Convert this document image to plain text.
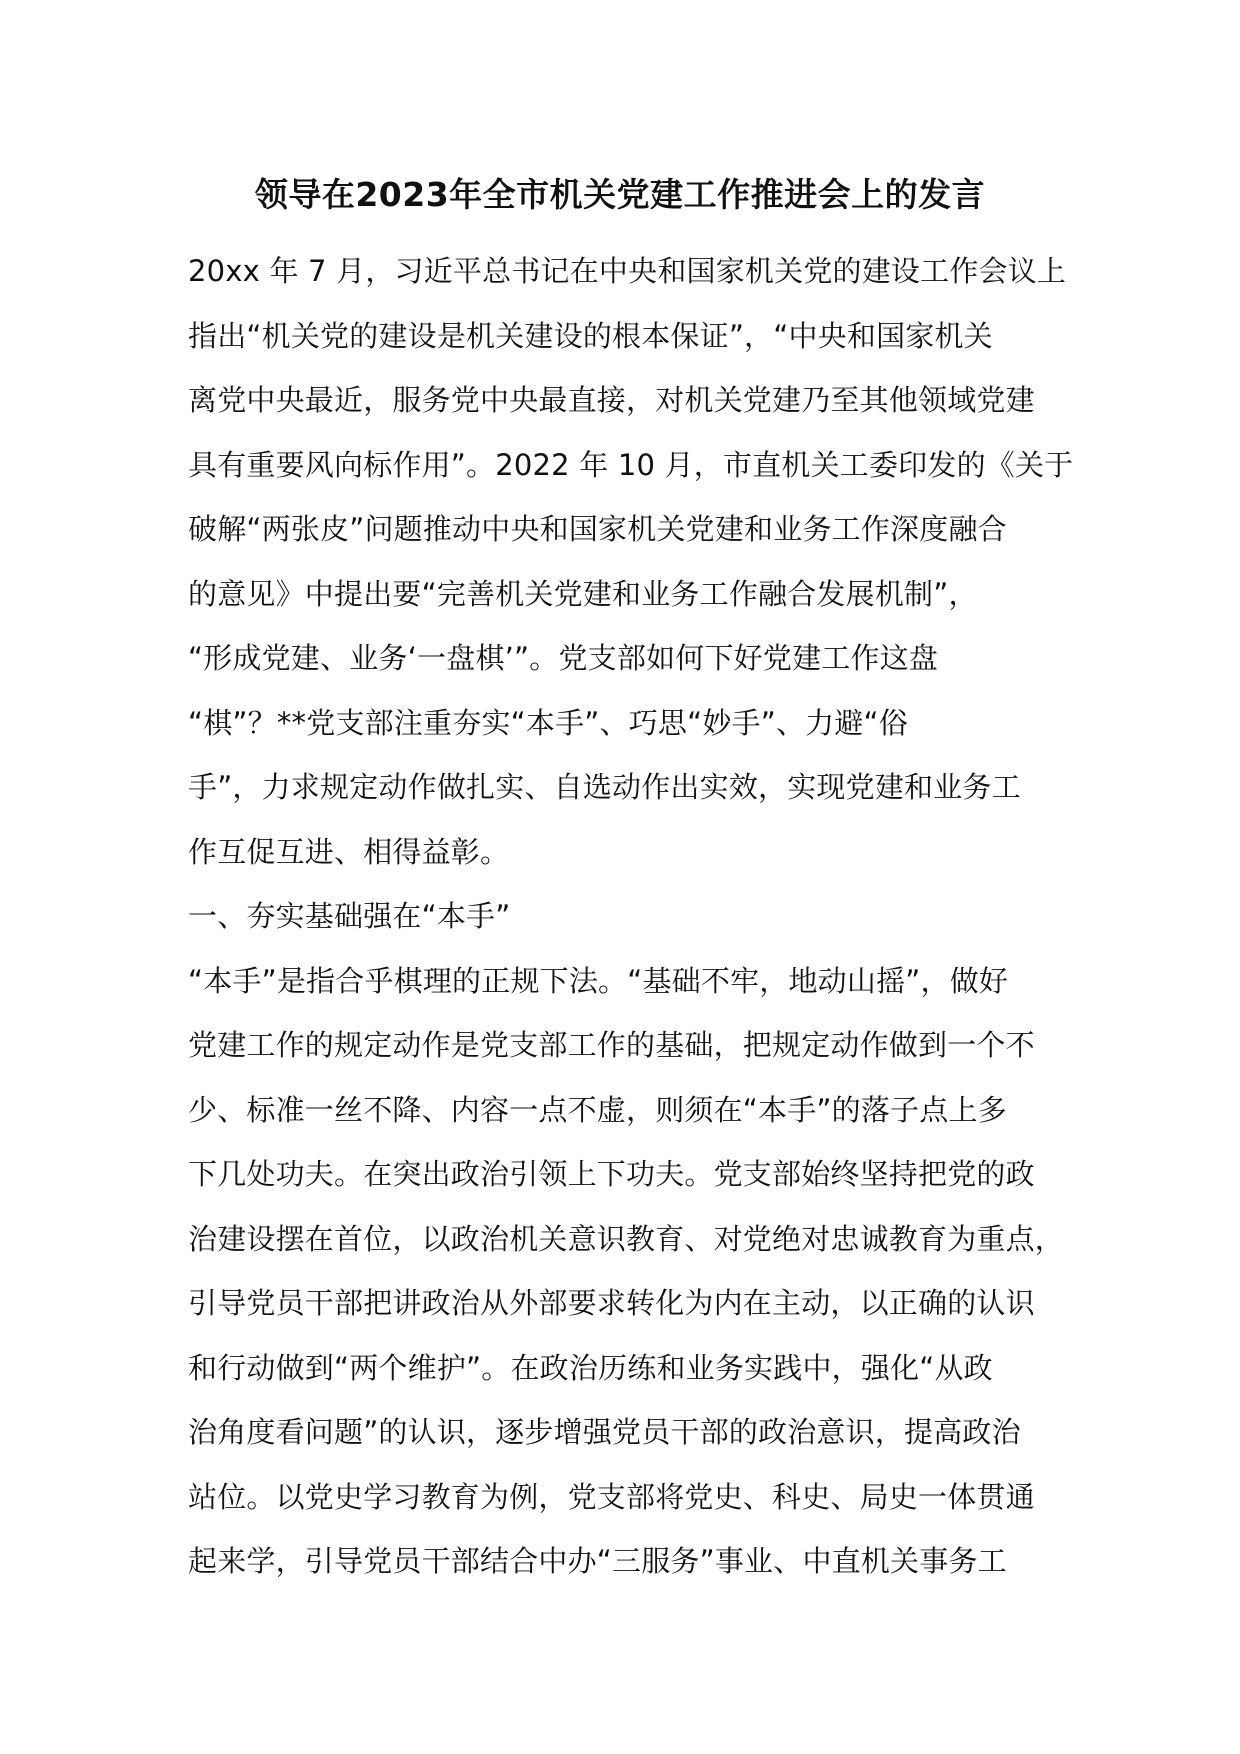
领导在2023年全市机关党建工作推进会上的发言
20xx 年 7 月，习近平总书记在中央和国家机关党的建设工作会议上
指出“机关党的建设是机关建设的根本保证”，“中央和国家机关
离党中央最近，服务党中央最直接，对机关党建乃至其他领域党建
具有重要风向标作用”。2022 年 10 月，市直机关工委印发的《关于
破解“两张皮”问题推动中央和国家机关党建和业务工作深度融合
的意见》中提出要“完善机关党建和业务工作融合发展机制”，
“形成党建、业务‘一盘棋’”。党支部如何下好党建工作这盘
“棋”？**党支部注重夯实“本手”、巧思“妙手”、力避“俗
手”，力求规定动作做扎实、自选动作出实效，实现党建和业务工
作互促互进、相得益彰。
一、夯实基础强在“本手”
“本手”是指合乎棋理的正规下法。“基础不牢，地动山摇”，做好
党建工作的规定动作是党支部工作的基础，把规定动作做到一个不
少、标准一丝不降、内容一点不虚，则须在“本手”的落子点上多
下几处功夫。在突出政治引领上下功夫。党支部始终坚持把党的政
治建设摆在首位，以政治机关意识教育、对党绝对忠诚教育为重点，
引导党员干部把讲政治从外部要求转化为内在主动，以正确的认识
和行动做到“两个维护”。在政治历练和业务实践中，强化“从政
治角度看问题”的认识，逐步增强党员干部的政治意识，提高政治
站位。以党史学习教育为例，党支部将党史、科史、局史一体贯通
起来学，引导党员干部结合中办“三服务”事业、中直机关事务工
